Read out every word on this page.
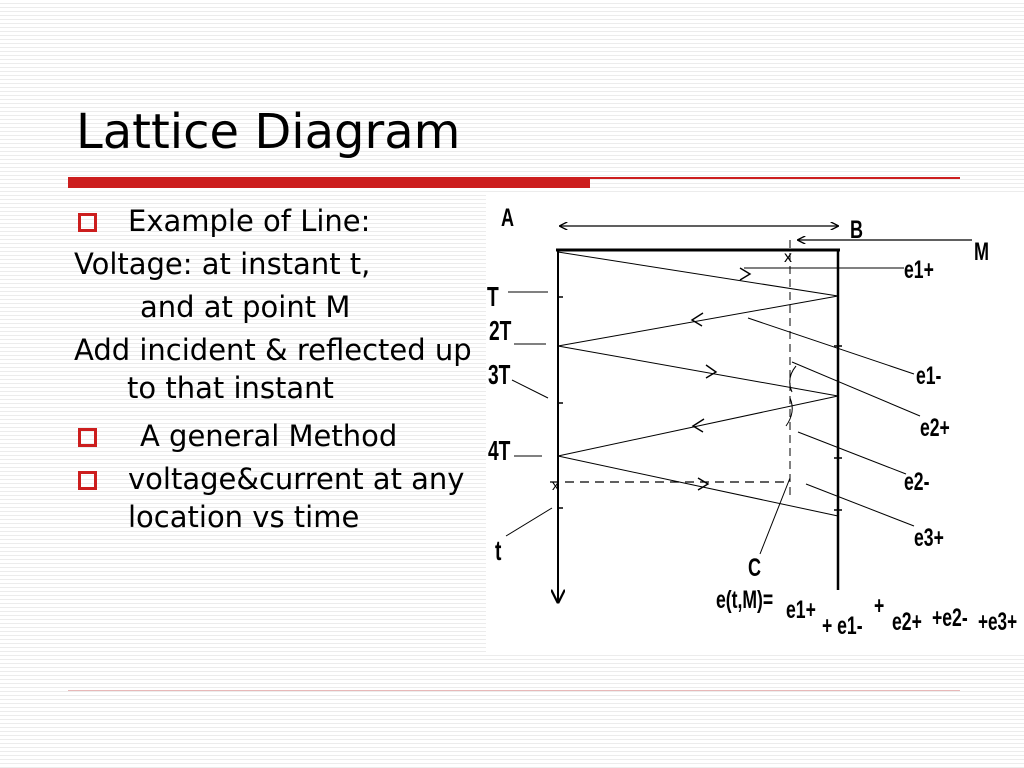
Lattice Diagram
Example of Line:
Voltage: at instant t,
and at point M
Add incident & reflected up to that instant
A general Method
voltage&current at any location vs time
x
x
A	B
M
C
T
2T
3T
4T
t
e1+
e1-
e2+
e2-
e3+
e(t,M)= e1+
+ e1-
+
e2+ +e2- +e3+
